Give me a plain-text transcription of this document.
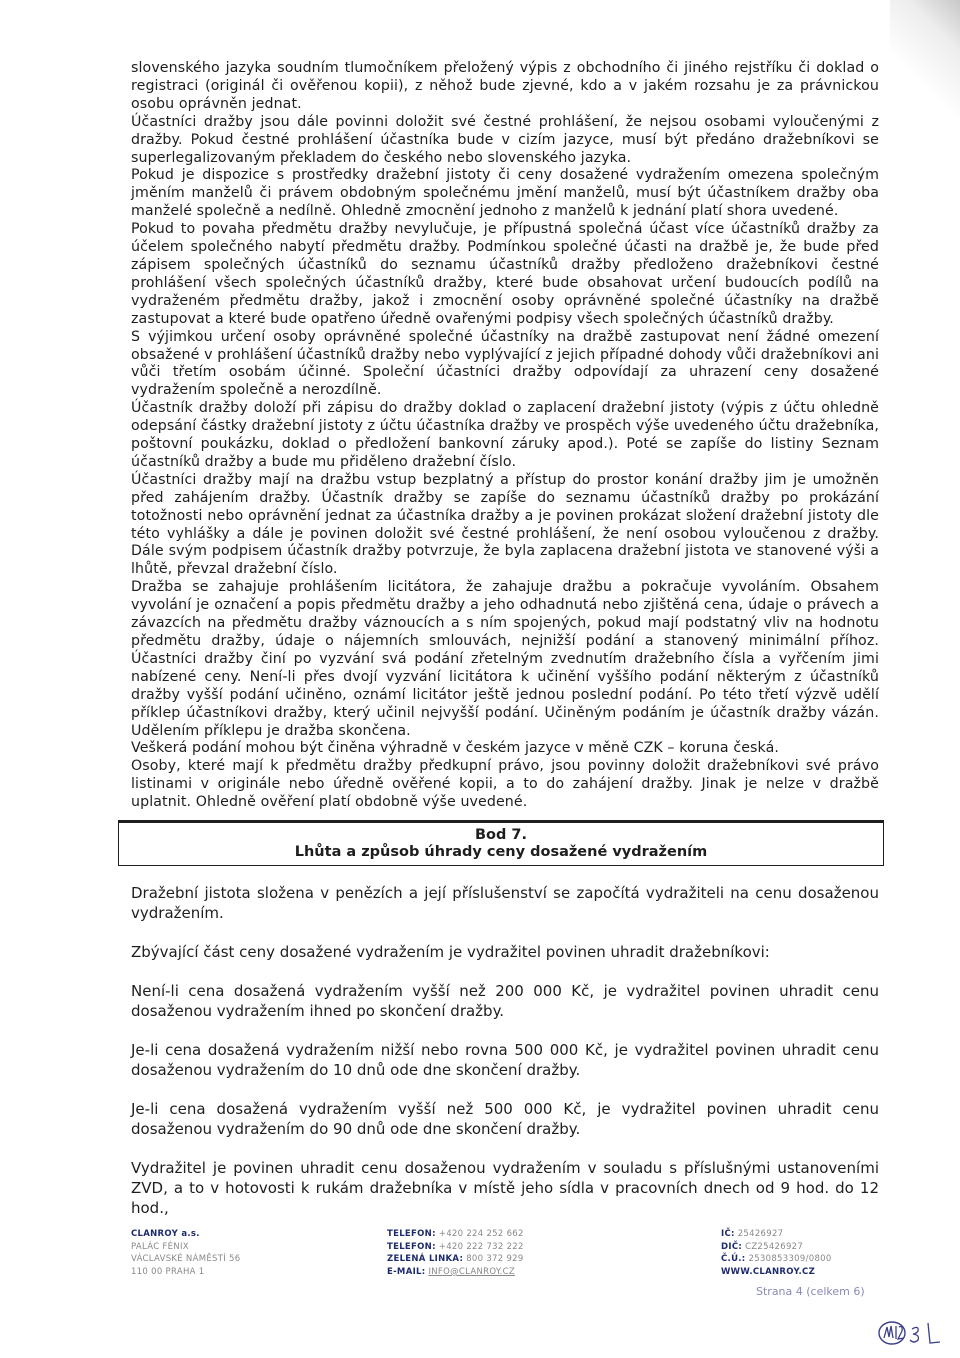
slovenského jazyka soudním tlumočníkem přeložený výpis z obchodního či jiného rejstříku či doklad o registraci (originál či ověřenou kopii), z něhož bude zjevné, kdo a v jakém rozsahu je za právnickou osobu oprávněn jednat.

Účastníci dražby jsou dále povinni doložit své čestné prohlášení, že nejsou osobami vyloučenými z dražby. Pokud čestné prohlášení účastníka bude v cizím jazyce, musí být předáno dražebníkovi se superlegalizovaným překladem do českého nebo slovenského jazyka.

Pokud je dispozice s prostředky dražební jistoty či ceny dosažené vydražením omezena společným jměním manželů či právem obdobným společnému jmění manželů, musí být účastníkem dražby oba manželé společně a nedílně. Ohledně zmocnění jednoho z manželů k jednání platí shora uvedené.

Pokud to povaha předmětu dražby nevylučuje, je přípustná společná účast více účastníků dražby za účelem společného nabytí předmětu dražby. Podmínkou společné účasti na dražbě je, že bude před zápisem společných účastníků do seznamu účastníků dražby předloženo dražebníkovi čestné prohlášení všech společných účastníků dražby, které bude obsahovat určení budoucích podílů na vydraženém předmětu dražby, jakož i zmocnění osoby oprávněné společné účastníky na dražbě zastupovat a které bude opatřeno úředně ovařenými podpisy všech společných účastníků dražby.

S výjimkou určení osoby oprávněné společné účastníky na dražbě zastupovat není žádné omezení obsažené v prohlášení účastníků dražby nebo vyplývající z jejich případné dohody vůči dražebníkovi ani vůči třetím osobám účinné. Společní účastníci dražby odpovídají za uhrazení ceny dosažené vydražením společně a nerozdílně.

Účastník dražby doloží při zápisu do dražby doklad o zaplacení dražební jistoty (výpis z účtu ohledně odepsání částky dražební jistoty z účtu účastníka dražby ve prospěch výše uvedeného účtu dražebníka, poštovní poukázku, doklad o předložení bankovní záruky apod.). Poté se zapíše do listiny Seznam účastníků dražby a bude mu přiděleno dražební číslo.

Účastníci dražby mají na dražbu vstup bezplatný a přístup do prostor konání dražby jim je umožněn před zahájením dražby. Účastník dražby se zapíše do seznamu účastníků dražby po prokázání totožnosti nebo oprávnění jednat za účastníka dražby a je povinen prokázat složení dražební jistoty dle této vyhlášky a dále je povinen doložit své čestné prohlášení, že není osobou vyloučenou z dražby. Dále svým podpisem účastník dražby potvrzuje, že byla zaplacena dražební jistota ve stanovené výši a lhůtě, převzal dražební číslo.

Dražba se zahajuje prohlášením licitátora, že zahajuje dražbu a pokračuje vyvoláním. Obsahem vyvolání je označení a popis předmětu dražby a jeho odhadnutá nebo zjištěná cena, údaje o právech a závazcích na předmětu dražby váznoucích a s ním spojených, pokud mají podstatný vliv na hodnotu předmětu dražby, údaje o nájemních smlouvách, nejnižší podání a stanovený minimální příhoz. Účastníci dražby činí po vyzvání svá podání zřetelným zvednutím dražebního čísla a vyřčením jimi nabízené ceny. Není-li přes dvojí vyzvání licitátora k učinění vyššího podání některým z účastníků dražby vyšší podání učiněno, oznámí licitátor ještě jednou poslední podání. Po této třetí výzvě udělí příklep účastníkovi dražby, který učinil nejvyšší podání. Učiněným podáním je účastník dražby vázán. Udělením příklepu je dražba skončena.

Veškerá podání mohou být činěna výhradně v českém jazyce v měně CZK – koruna česká.

Osoby, které mají k předmětu dražby předkupní právo, jsou povinny doložit dražebníkovi své právo listinami v originále nebo úředně ověřené kopii, a to do zahájení dražby. Jinak je nelze v dražbě uplatnit. Ohledně ověření platí obdobně výše uvedené.

Bod 7.
Lhůta a způsob úhrady ceny dosažené vydražením

Dražební jistota složena v penězích a její příslušenství se započítá vydražiteli na cenu dosaženou vydražením.

Zbývající část ceny dosažené vydražením je vydražitel povinen uhradit dražebníkovi:

Není-li cena dosažená vydražením vyšší než 200 000 Kč, je vydražitel povinen uhradit cenu dosaženou vydražením ihned po skončení dražby.

Je-li cena dosažená vydražením nižší nebo rovna 500 000 Kč, je vydražitel povinen uhradit cenu dosaženou vydražením do 10 dnů ode dne skončení dražby.

Je-li cena dosažená vydražením vyšší než 500 000 Kč, je vydražitel povinen uhradit cenu dosaženou vydražením do 90 dnů ode dne skončení dražby.

Vydražitel je povinen uhradit cenu dosaženou vydražením v souladu s příslušnými ustanoveními ZVD, a to v hotovosti k rukám dražebníka v místě jeho sídla v pracovních dnech od 9 hod. do 12 hod.,

CLANROY a.s.
PALÁC FÉNIX
VÁCLAVSKÉ NÁMĚSTÍ 56
110 00 PRAHA 1
TELEFON: +420 224 252 662
TELEFON: +420 222 732 222
ZELENÁ LINKA: 800 372 929
E-MAIL: INFO@CLANROY.CZ
IČ: 25426927
DIČ: CZ25426927
Č.Ú.: 2530853309/0800
WWW.CLANROY.CZ
Strana 4 (celkem 6)
